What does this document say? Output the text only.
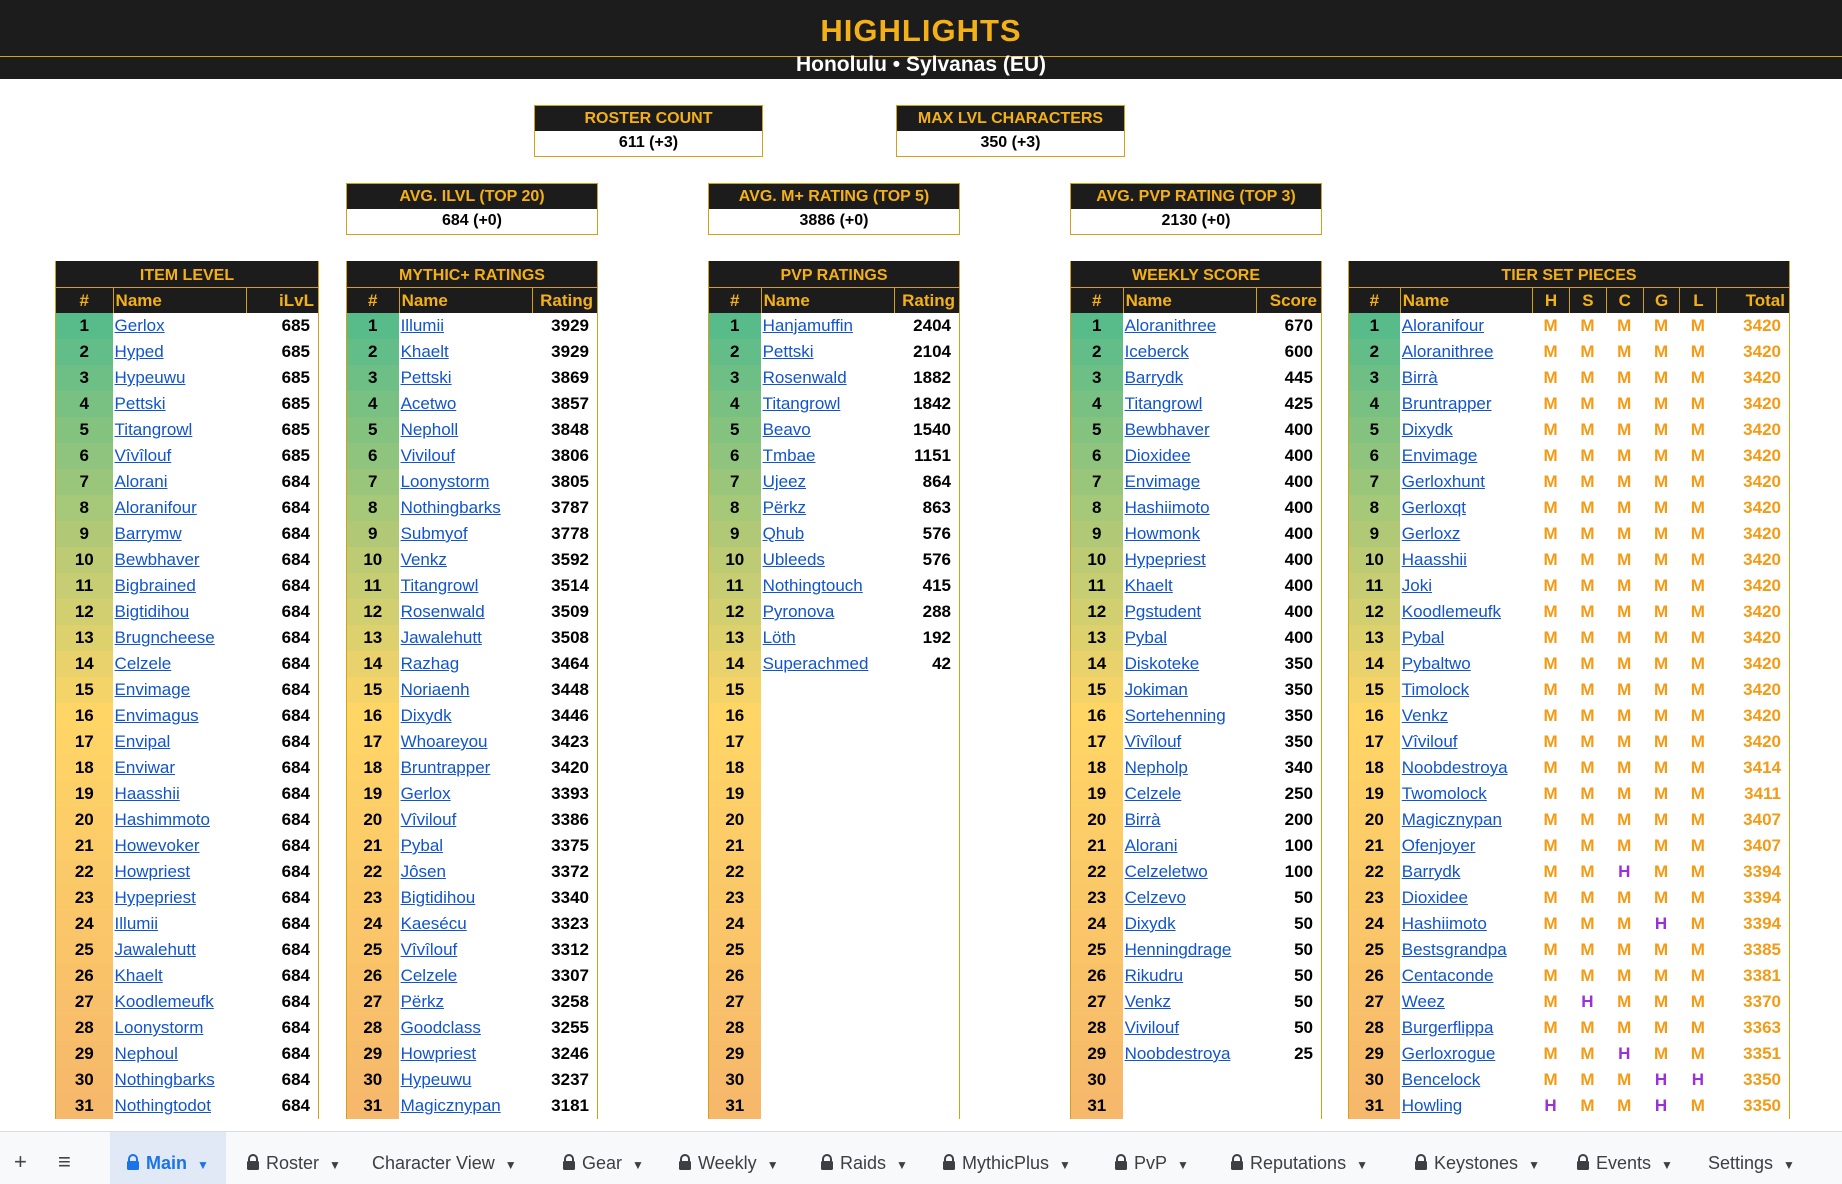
HIGHLIGHTS
Honolulu • Sylvanas (EU)
ROSTER COUNT
611 (+3)
MAX LVL CHARACTERS
350 (+3)
AVG. ILVL (TOP 20)
684 (+0)
AVG. M+ RATING (TOP 5)
3886 (+0)
AVG. PVP RATING (TOP 3)
2130 (+0)
ITEM LEVEL
#	Name	iLvL
1	Gerlox	685
2	Hyped	685
3	Hypeuwu	685
4	Pettski	685
5	Titangrowl	685
6	Vîvîlouf	685
7	Alorani	684
8	Aloranifour	684
9	Barrymw	684
10	Bewbhaver	684
11	Bigbrained	684
12	Bigtidihou	684
13	Brugncheese	684
14	Celzele	684
15	Envimage	684
16	Envimagus	684
17	Envipal	684
18	Enviwar	684
19	Haasshii	684
20	Hashimmoto	684
21	Howevoker	684
22	Howpriest	684
23	Hypepriest	684
24	Illumii	684
25	Jawalehutt	684
26	Khaelt	684
27	Koodlemeufk	684
28	Loonystorm	684
29	Nephoul	684
30	Nothingbarks	684
31	Nothingtodot	684
MYTHIC+ RATINGS
#	Name	Rating
1	Illumii	3929
2	Khaelt	3929
3	Pettski	3869
4	Acetwo	3857
5	Nepholl	3848
6	Vivilouf	3806
7	Loonystorm	3805
8	Nothingbarks	3787
9	Submyof	3778
10	Venkz	3592
11	Titangrowl	3514
12	Rosenwald	3509
13	Jawalehutt	3508
14	Razhag	3464
15	Noriaenh	3448
16	Dixydk	3446
17	Whoareyou	3423
18	Bruntrapper	3420
19	Gerlox	3393
20	Vîvilouf	3386
21	Pybal	3375
22	Jôsen	3372
23	Bigtidihou	3340
24	Kaesécu	3323
25	Vîvîlouf	3312
26	Celzele	3307
27	Përkz	3258
28	Goodclass	3255
29	Howpriest	3246
30	Hypeuwu	3237
31	Magicznypan	3181
PVP RATINGS
#	Name	Rating
1	Hanjamuffin	2404
2	Pettski	2104
3	Rosenwald	1882
4	Titangrowl	1842
5	Beavo	1540
6	Tmbae	1151
7	Ujeez	864
8	Përkz	863
9	Qhub	576
10	Ubleeds	576
11	Nothingtouch	415
12	Pyronova	288
13	Löth	192
14	Superachmed	42
15
16
17
18
19
20
21
22
23
24
25
26
27
28
29
30
31
WEEKLY SCORE
#	Name	Score
1	Aloranithree	670
2	Iceberck	600
3	Barrydk	445
4	Titangrowl	425
5	Bewbhaver	400
6	Dioxidee	400
7	Envimage	400
8	Hashiimoto	400
9	Howmonk	400
10	Hypepriest	400
11	Khaelt	400
12	Pgstudent	400
13	Pybal	400
14	Diskoteke	350
15	Jokiman	350
16	Sortehenning	350
17	Vîvîlouf	350
18	Nepholp	340
19	Celzele	250
20	Birrà	200
21	Alorani	100
22	Celzeletwo	100
23	Celzevo	50
24	Dixydk	50
25	Henningdrage	50
26	Rikudru	50
27	Venkz	50
28	Vivilouf	50
29	Noobdestroya	25
30
31
TIER SET PIECES
#	Name	H	S	C	G	L	Total
1	Aloranifour	M	M	M	M	M	3420
2	Aloranithree	M	M	M	M	M	3420
3	Birrà	M	M	M	M	M	3420
4	Bruntrapper	M	M	M	M	M	3420
5	Dixydk	M	M	M	M	M	3420
6	Envimage	M	M	M	M	M	3420
7	Gerloxhunt	M	M	M	M	M	3420
8	Gerloxqt	M	M	M	M	M	3420
9	Gerloxz	M	M	M	M	M	3420
10	Haasshii	M	M	M	M	M	3420
11	Joki	M	M	M	M	M	3420
12	Koodlemeufk	M	M	M	M	M	3420
13	Pybal	M	M	M	M	M	3420
14	Pybaltwo	M	M	M	M	M	3420
15	Timolock	M	M	M	M	M	3420
16	Venkz	M	M	M	M	M	3420
17	Vîvilouf	M	M	M	M	M	3420
18	Noobdestroya	M	M	M	M	M	3414
19	Twomolock	M	M	M	M	M	3411
20	Magicznypan	M	M	M	M	M	3407
21	Ofenjoyer	M	M	M	M	M	3407
22	Barrydk	M	M	H	M	M	3394
23	Dioxidee	M	M	M	M	M	3394
24	Hashiimoto	M	M	M	H	M	3394
25	Bestsgrandpa	M	M	M	M	M	3385
26	Centaconde	M	M	M	M	M	3381
27	Weez	M	H	M	M	M	3370
28	Burgerflippa	M	M	M	M	M	3363
29	Gerloxrogue	M	M	H	M	M	3351
30	Bencelock	M	M	M	H	H	3350
31	Howling	H	M	M	H	M	3350
+ ≡	Main ▼	Roster ▼	Character View ▼	Gear ▼	Weekly ▼	Raids ▼	MythicPlus ▼	PvP ▼	Reputations ▼	Keystones ▼	Events ▼	Settings ▼
